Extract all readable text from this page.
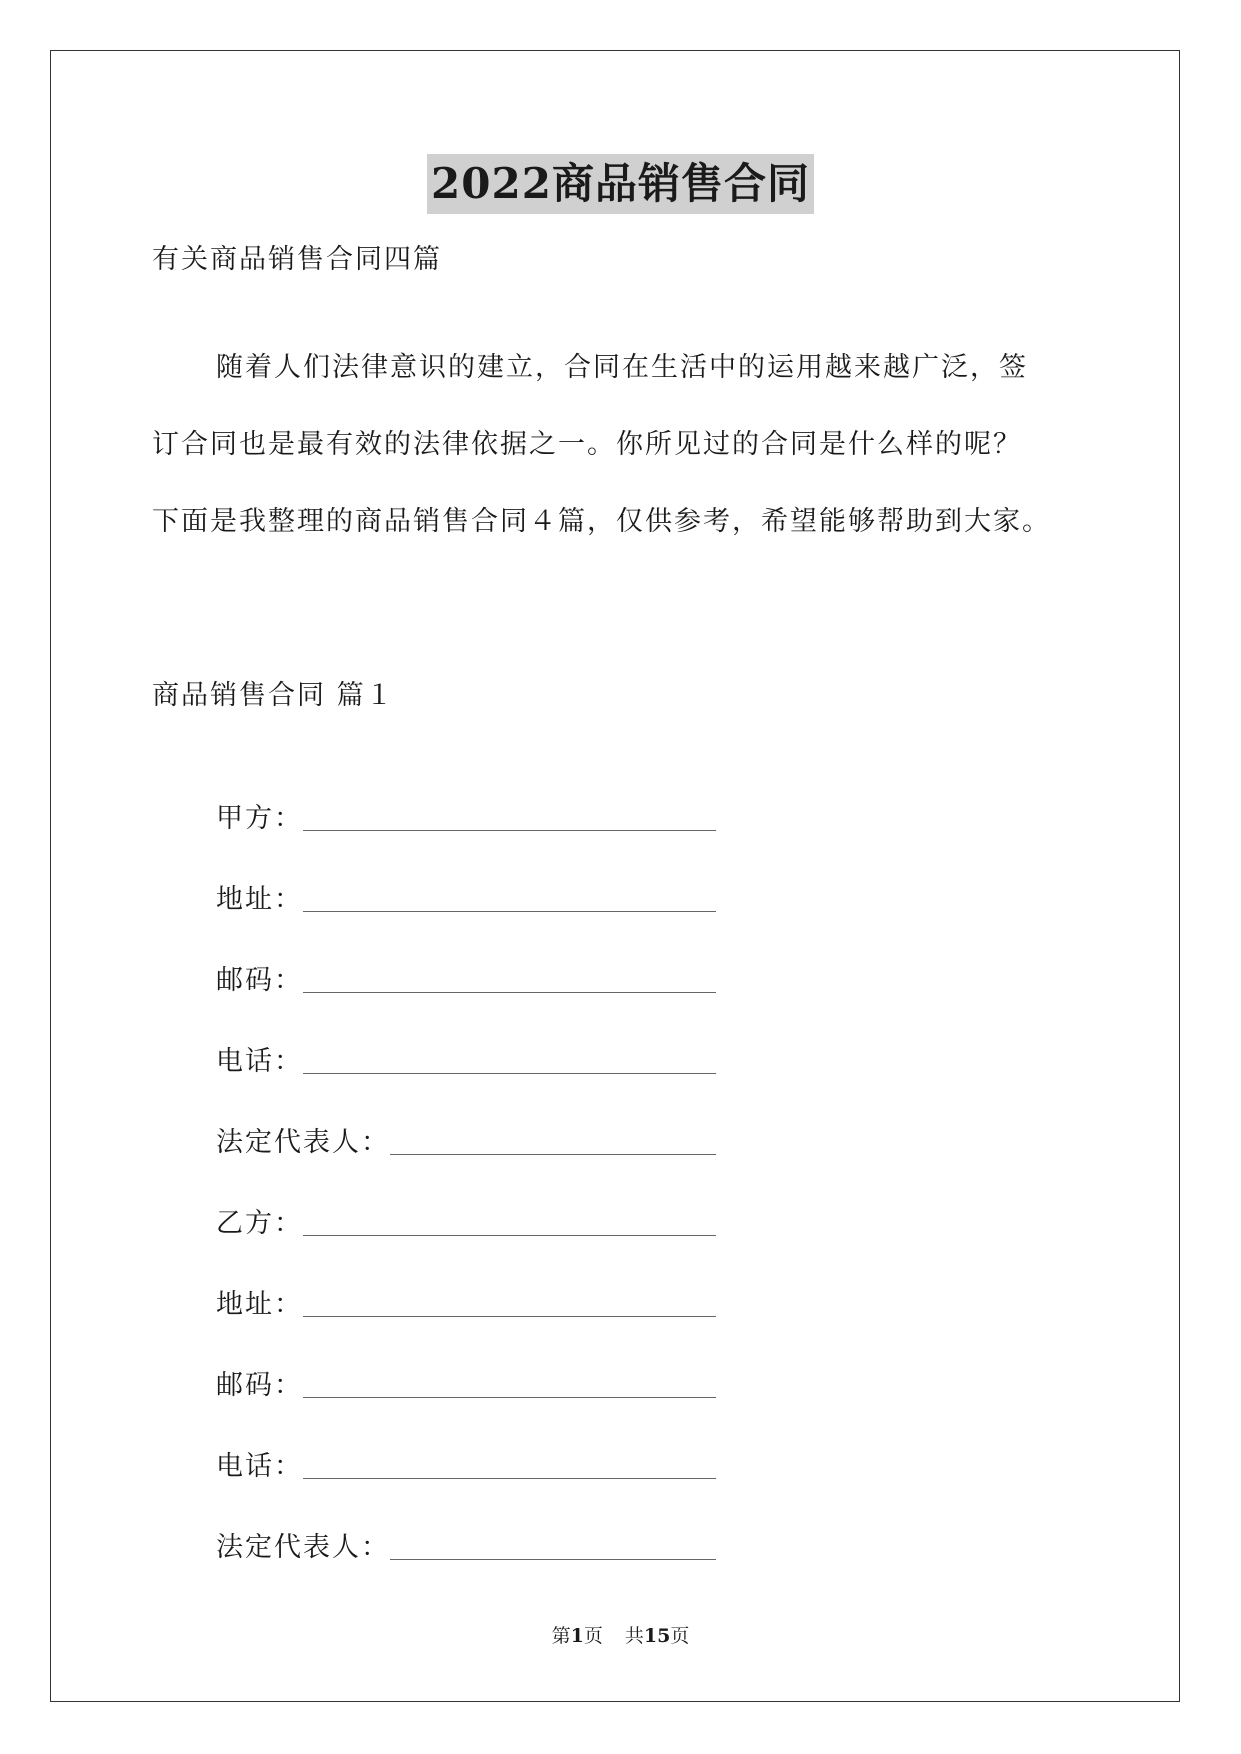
2022商品销售合同
有关商品销售合同四篇
随着人们法律意识的建立，合同在生活中的运用越来越广泛，签
订合同也是最有效的法律依据之一。你所见过的合同是什么样的呢？
下面是我整理的商品销售合同４篇，仅供参考，希望能够帮助到大家。
商品销售合同 篇１
甲方：
地址：
邮码：
电话：
法定代表人：
乙方：
地址：
邮码：
电话：
法定代表人：
第1页 共15页
